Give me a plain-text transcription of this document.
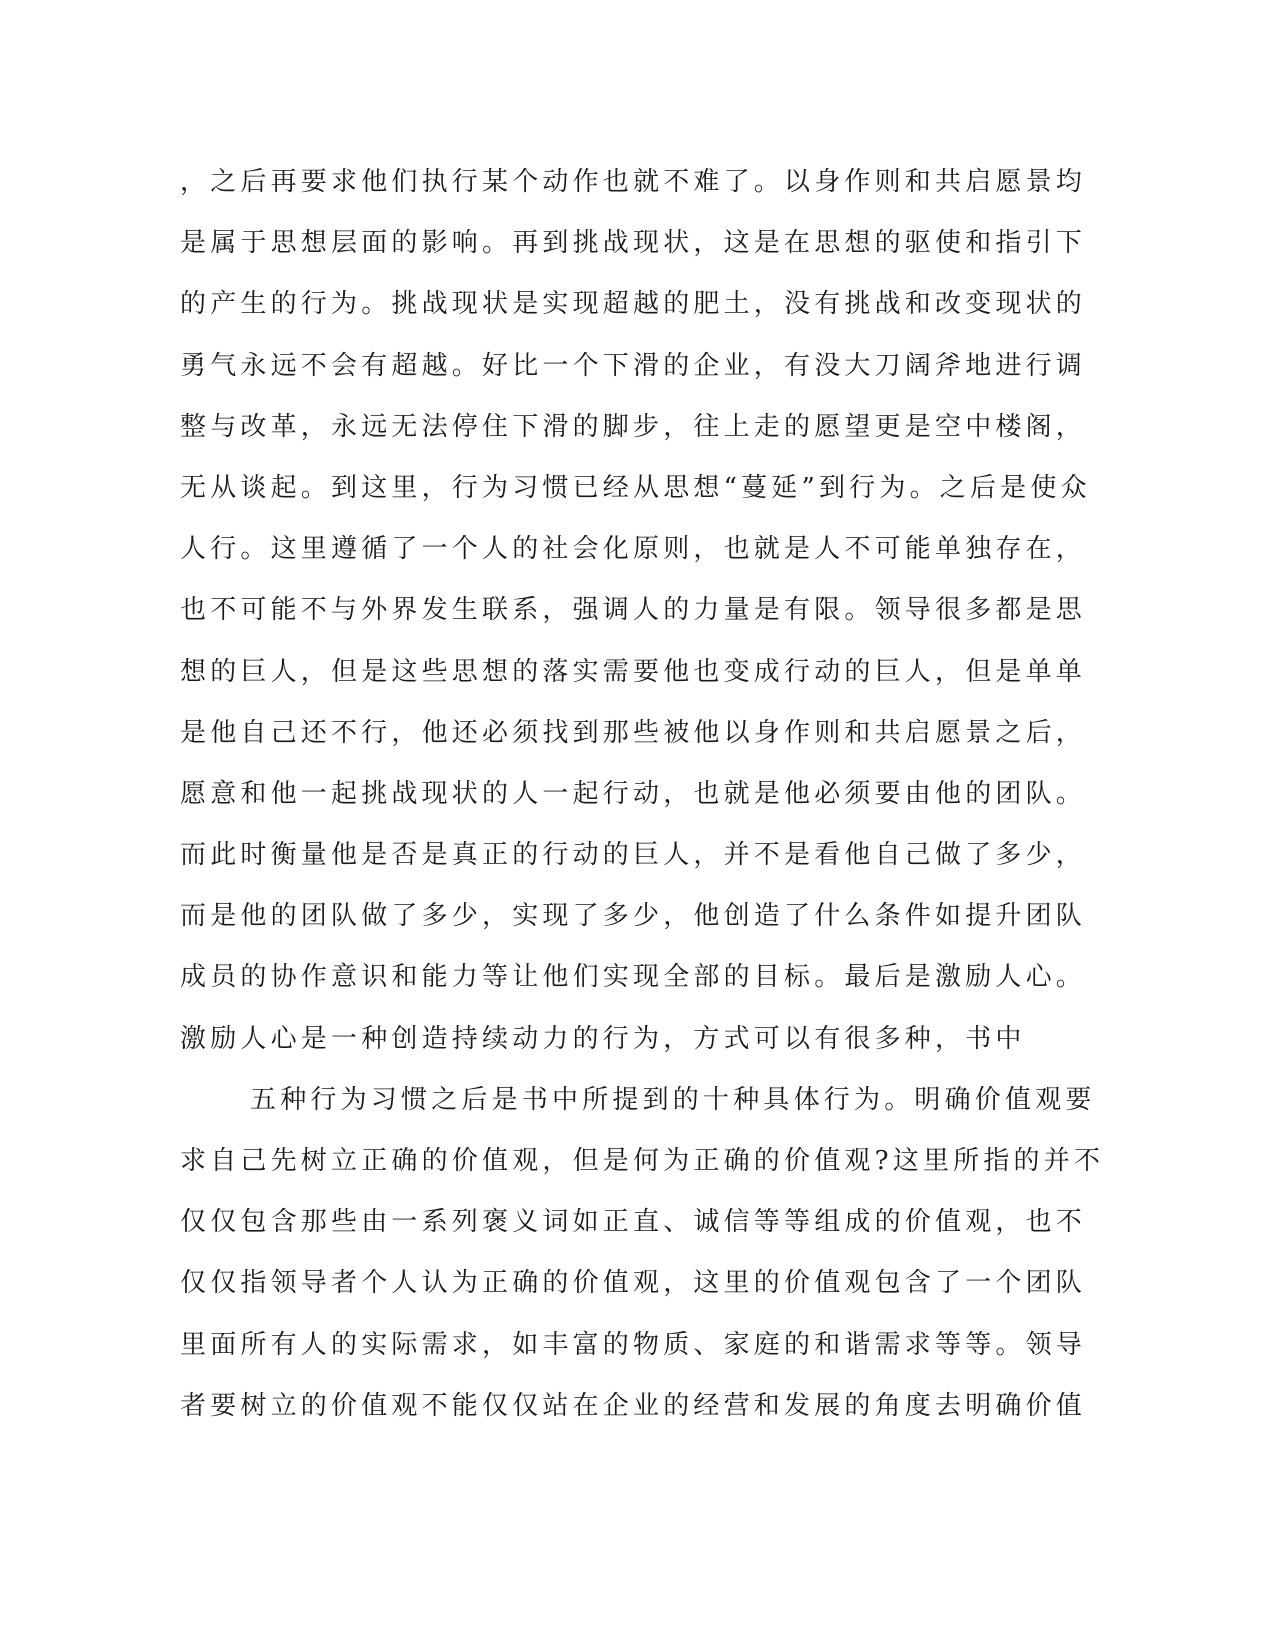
，之后再要求他们执行某个动作也就不难了。以身作则和共启愿景均
是属于思想层面的影响。再到挑战现状，这是在思想的驱使和指引下
的产生的行为。挑战现状是实现超越的肥土，没有挑战和改变现状的
勇气永远不会有超越。好比一个下滑的企业，有没大刀阔斧地进行调
整与改革，永远无法停住下滑的脚步，往上走的愿望更是空中楼阁，
无从谈起。到这里，行为习惯已经从思想“蔓延”到行为。之后是使众
人行。这里遵循了一个人的社会化原则，也就是人不可能单独存在，
也不可能不与外界发生联系，强调人的力量是有限。领导很多都是思
想的巨人，但是这些思想的落实需要他也变成行动的巨人，但是单单
是他自己还不行，他还必须找到那些被他以身作则和共启愿景之后，
愿意和他一起挑战现状的人一起行动，也就是他必须要由他的团队。
而此时衡量他是否是真正的行动的巨人，并不是看他自己做了多少，
而是他的团队做了多少，实现了多少，他创造了什么条件如提升团队
成员的协作意识和能力等让他们实现全部的目标。最后是激励人心。
激励人心是一种创造持续动力的行为，方式可以有很多种，书中
五种行为习惯之后是书中所提到的十种具体行为。明确价值观要
求自己先树立正确的价值观，但是何为正确的价值观?这里所指的并不
仅仅包含那些由一系列褒义词如正直、诚信等等组成的价值观，也不
仅仅指领导者个人认为正确的价值观，这里的价值观包含了一个团队
里面所有人的实际需求，如丰富的物质、家庭的和谐需求等等。领导
者要树立的价值观不能仅仅站在企业的经营和发展的角度去明确价值
